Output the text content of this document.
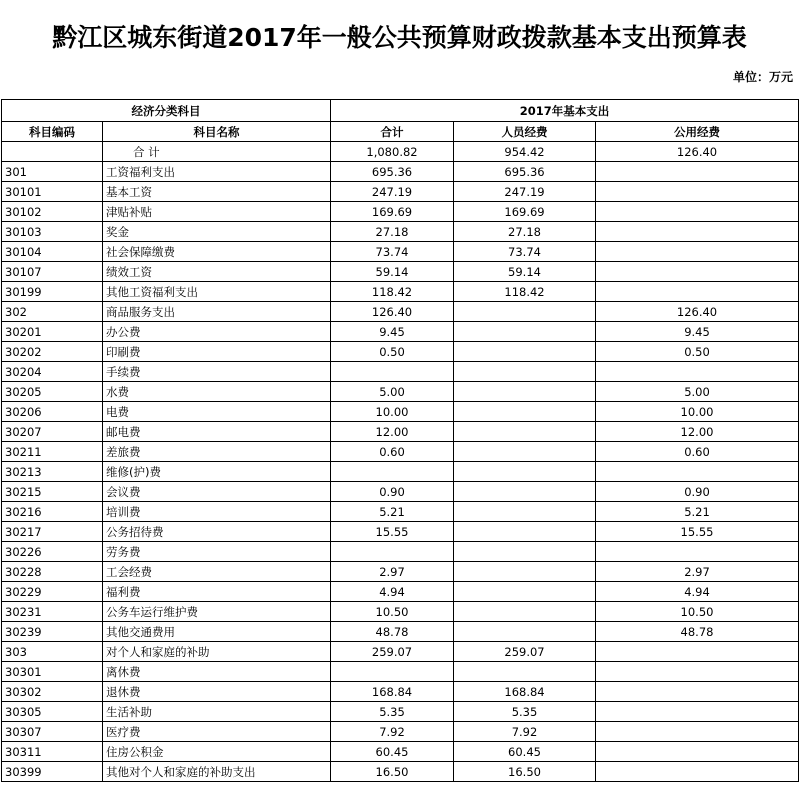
黔江区城东街道2017年一般公共预算财政拨款基本支出预算表
单位：万元
经济分类科目		2017年基本支出		
科目编码	科目名称	合计	人员经费	公用经费
	合 计	1,080.82	954.42	126.40
301	工资福利支出	695.36	695.36	
30101	基本工资	247.19	247.19	
30102	津贴补贴	169.69	169.69	
30103	奖金	27.18	27.18	
30104	社会保障缴费	73.74	73.74	
30107	绩效工资	59.14	59.14	
30199	其他工资福利支出	118.42	118.42	
302	商品服务支出	126.40		126.40
30201	办公费	9.45		9.45
30202	印刷费	0.50		0.50
30204	手续费			
30205	水费	5.00		5.00
30206	电费	10.00		10.00
30207	邮电费	12.00		12.00
30211	差旅费	0.60		0.60
30213	维修(护)费			
30215	会议费	0.90		0.90
30216	培训费	5.21		5.21
30217	公务招待费	15.55		15.55
30226	劳务费			
30228	工会经费	2.97		2.97
30229	福利费	4.94		4.94
30231	公务车运行维护费	10.50		10.50
30239	其他交通费用	48.78		48.78
303	对个人和家庭的补助	259.07	259.07	
30301	离休费			
30302	退休费	168.84	168.84	
30305	生活补助	5.35	5.35	
30307	医疗费	7.92	7.92	
30311	住房公积金	60.45	60.45	
30399	其他对个人和家庭的补助支出	16.50	16.50	
